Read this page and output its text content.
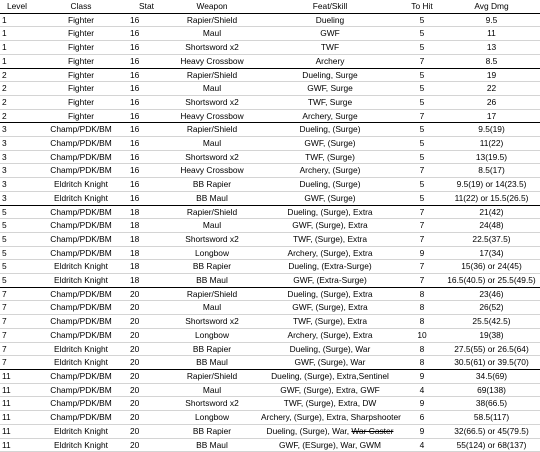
Level	Class	Stat	Weapon	Feat/Skill	To Hit	Avg Dmg
1	Fighter	16	Rapier/Shield	Dueling	5	9.5
1	Fighter	16	Maul	GWF	5	11
1	Fighter	16	Shortsword x2	TWF	5	13
1	Fighter	16	Heavy Crossbow	Archery	7	8.5
2	Fighter	16	Rapier/Shield	Dueling, Surge	5	19
2	Fighter	16	Maul	GWF, Surge	5	22
2	Fighter	16	Shortsword x2	TWF, Surge	5	26
2	Fighter	16	Heavy Crossbow	Archery, Surge	7	17
3	Champ/PDK/BM	16	Rapier/Shield	Dueling, (Surge)	5	9.5(19)
3	Champ/PDK/BM	16	Maul	GWF, (Surge)	5	11(22)
3	Champ/PDK/BM	16	Shortsword x2	TWF, (Surge)	5	13(19.5)
3	Champ/PDK/BM	16	Heavy Crossbow	Archery, (Surge)	7	8.5(17)
3	Eldritch Knight	16	BB Rapier	Dueling, (Surge)	5	9.5(19) or 14(23.5)
3	Eldritch Knight	16	BB Maul	GWF, (Surge)	5	11(22) or 15.5(26.5)
5	Champ/PDK/BM	18	Rapier/Shield	Dueling, (Surge), Extra	7	21(42)
5	Champ/PDK/BM	18	Maul	GWF, (Surge), Extra	7	24(48)
5	Champ/PDK/BM	18	Shortsword x2	TWF, (Surge), Extra	7	22.5(37.5)
5	Champ/PDK/BM	18	Longbow	Archery, (Surge), Extra	9	17(34)
5	Eldritch Knight	18	BB Rapier	Dueling, (Extra-Surge)	7	15(36) or 24(45)
5	Eldritch Knight	18	BB Maul	GWF, (Extra-Surge)	7	16.5(40.5) or 25.5(49.5)
7	Champ/PDK/BM	20	Rapier/Shield	Dueling, (Surge), Extra	8	23(46)
7	Champ/PDK/BM	20	Maul	GWF, (Surge), Extra	8	26(52)
7	Champ/PDK/BM	20	Shortsword x2	TWF, (Surge), Extra	8	25.5(42.5)
7	Champ/PDK/BM	20	Longbow	Archery, (Surge), Extra	10	19(38)
7	Eldritch Knight	20	BB Rapier	Dueling, (Surge), War	8	27.5(55) or 26.5(64)
7	Eldritch Knight	20	BB Maul	GWF, (Surge), War	8	30.5(61) or 39.5(70)
11	Champ/PDK/BM	20	Rapier/Shield	Dueling, (Surge), Extra,Sentinel	9	34.5(69)
11	Champ/PDK/BM	20	Maul	GWF, (Surge), Extra, GWF	4	69(138)
11	Champ/PDK/BM	20	Shortsword x2	TWF, (Surge), Extra, DW	9	38(66.5)
11	Champ/PDK/BM	20	Longbow	Archery, (Surge), Extra, Sharpshooter	6	58.5(117)
11	Eldritch Knight	20	BB Rapier	Dueling, (Surge), War, War Caster	9	32(66.5) or 45(79.5)
11	Eldritch Knight	20	BB Maul	GWF, (ESurge), War, GWM	4	55(124) or 68(137)
